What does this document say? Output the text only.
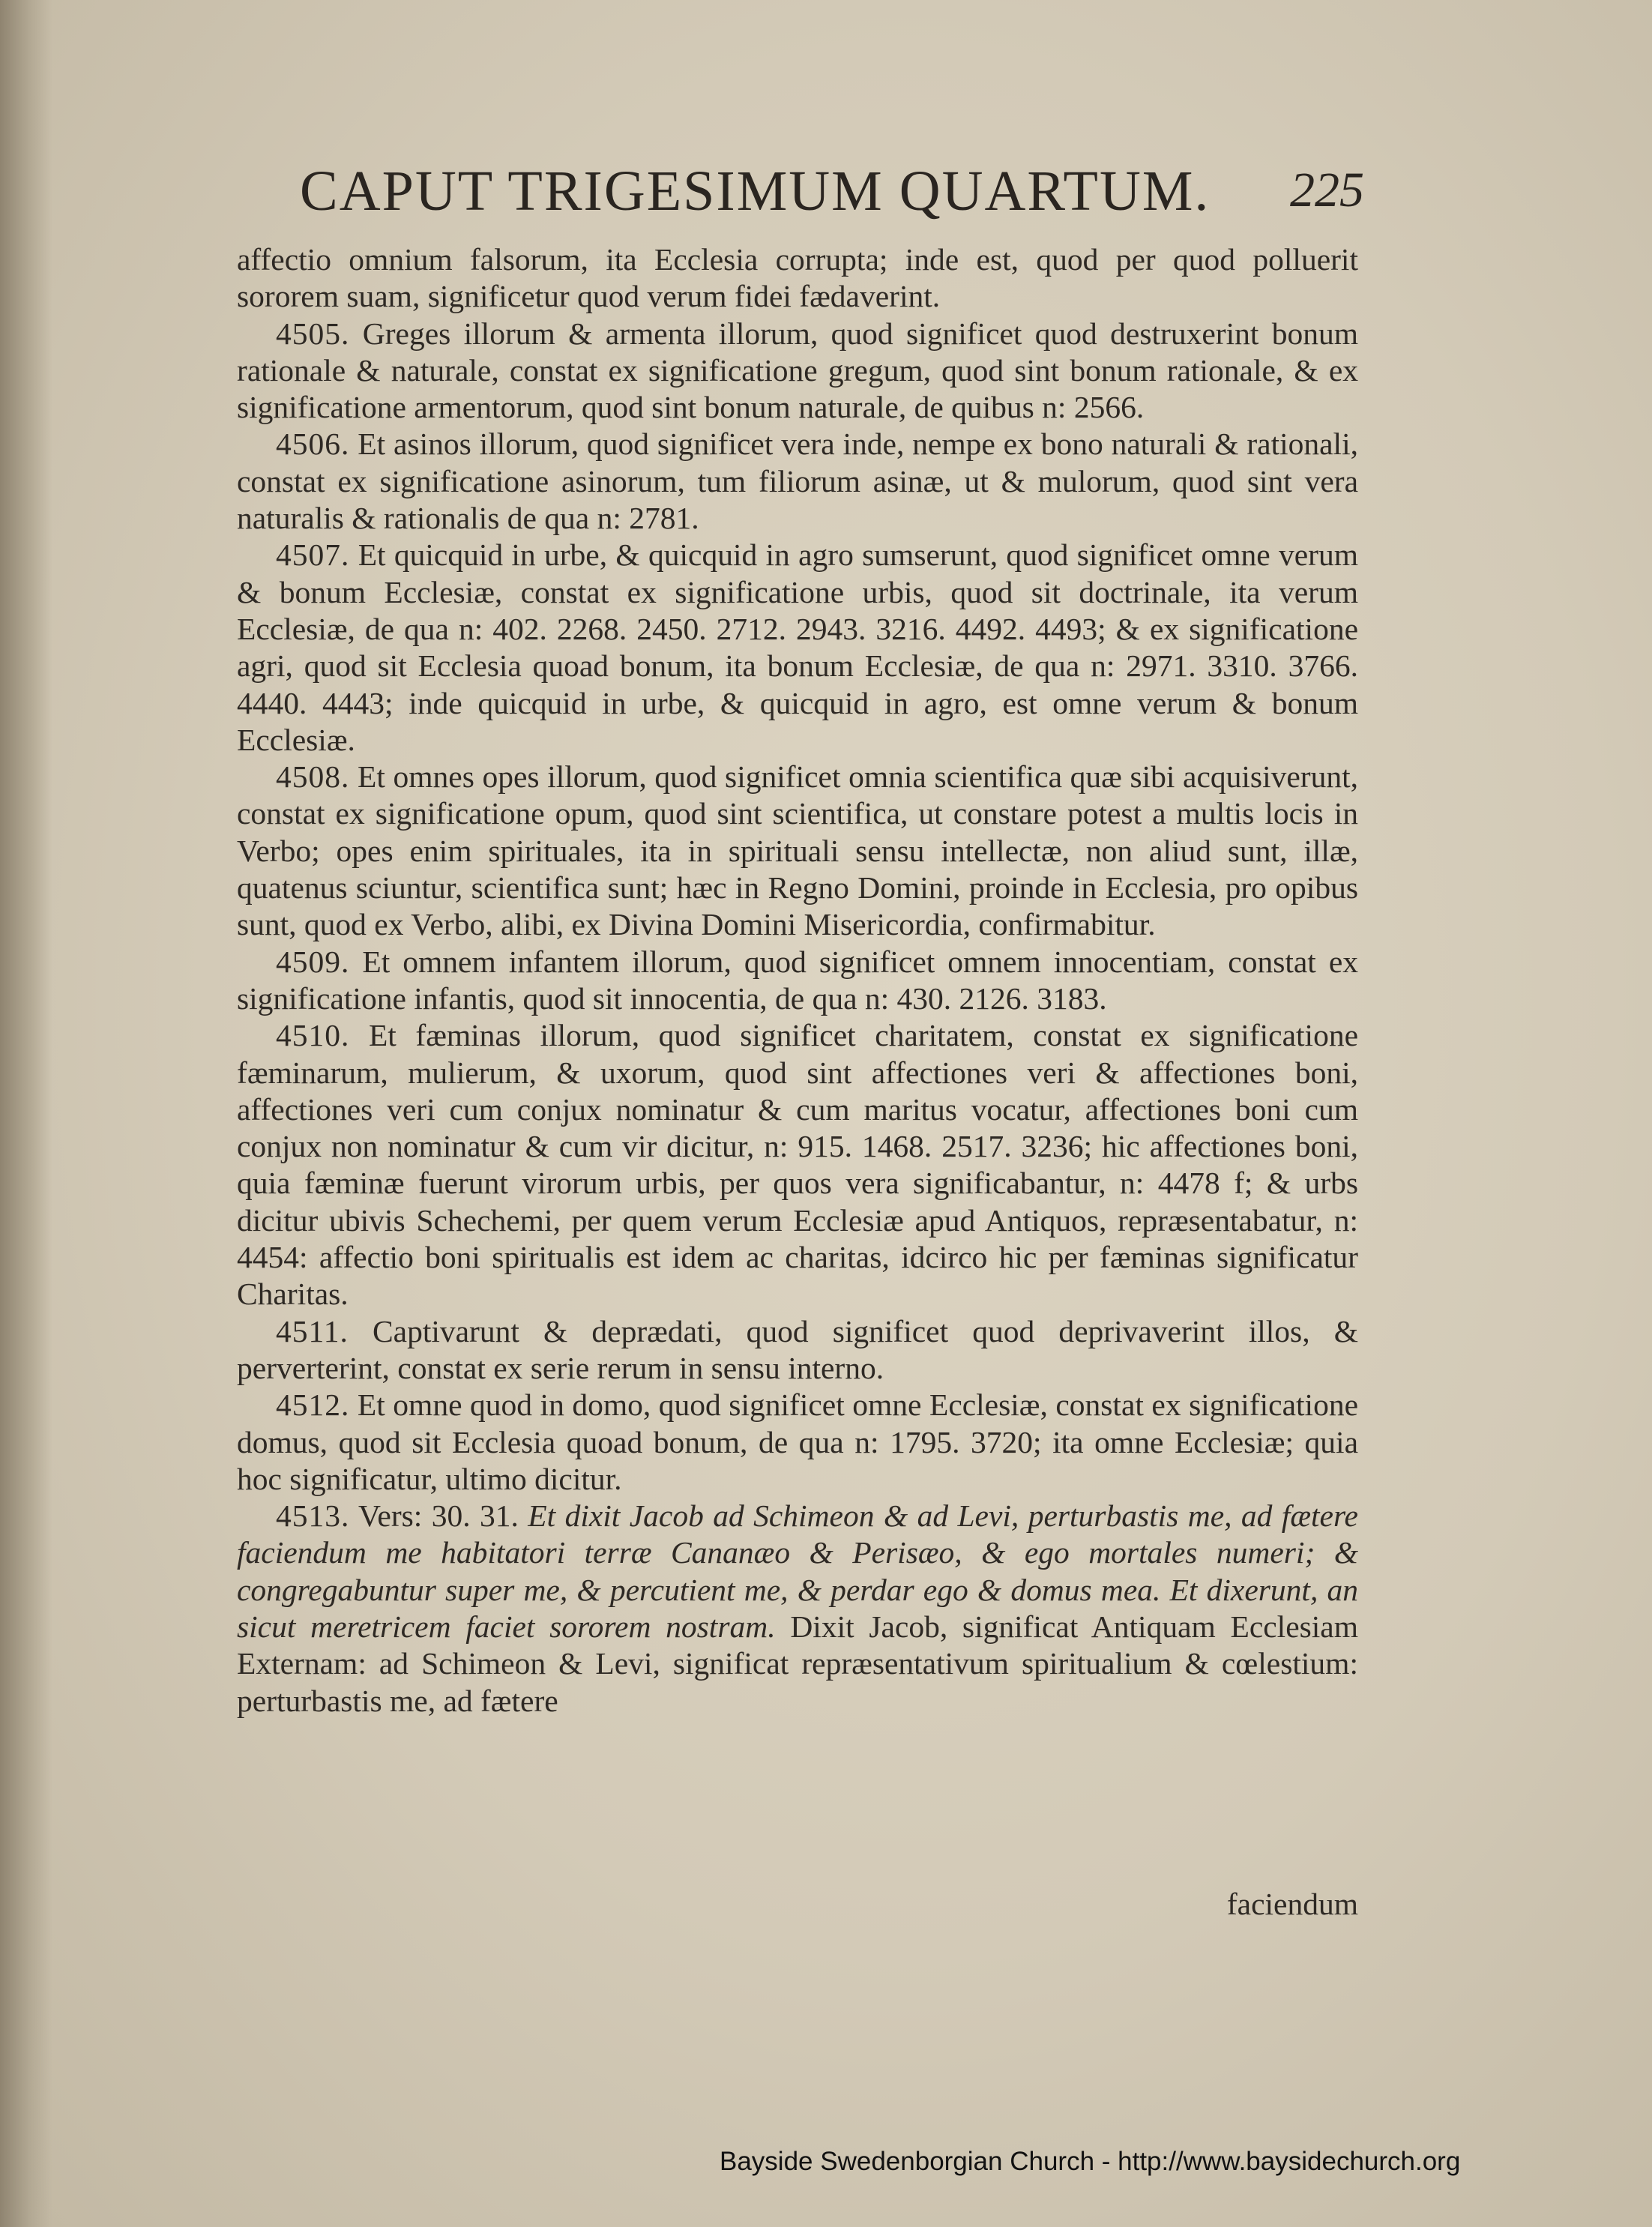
CAPUT TRIGESIMUM QUARTUM. 225

affectio omnium falsorum, ita Ecclesia corrupta; inde est, quod per quod polluerit sororem suam, significetur quod verum fidei fædaverint.

4505. Greges illorum & armenta illorum, quod significet quod destruxerint bonum rationale & naturale, constat ex significatione gregum, quod sint bonum rationale, & ex significatione armentorum, quod sint bonum naturale, de quibus n: 2566.

4506. Et asinos illorum, quod significet vera inde, nempe ex bono naturali & rationali, constat ex significatione asinorum, tum filiorum asinæ, ut & mulorum, quod sint vera naturalis & rationalis de qua n: 2781.

4507. Et quicquid in urbe, & quicquid in agro sumserunt, quod significet omne verum & bonum Ecclesiæ, constat ex significatione urbis, quod sit doctrinale, ita verum Ecclesiæ, de qua n: 402. 2268. 2450. 2712. 2943. 3216. 4492. 4493; & ex significatione agri, quod sit Ecclesia quoad bonum, ita bonum Ecclesiæ, de qua n: 2971. 3310. 3766. 4440. 4443; inde quicquid in urbe, & quicquid in agro, est omne verum & bonum Ecclesiæ.

4508. Et omnes opes illorum, quod significet omnia scientifica quæ sibi acquisiverunt, constat ex significatione opum, quod sint scientifica, ut constare potest a multis locis in Verbo; opes enim spirituales, ita in spirituali sensu intellectæ, non aliud sunt, illæ, quatenus sciuntur, scientifica sunt; hæc in Regno Domini, proinde in Ecclesia, pro opibus sunt, quod ex Verbo, alibi, ex Divina Domini Misericordia, confirmabitur.

4509. Et omnem infantem illorum, quod significet omnem innocentiam, constat ex significatione infantis, quod sit innocentia, de qua n: 430. 2126. 3183.

4510. Et fæminas illorum, quod significet charitatem, constat ex significatione fæminarum, mulierum, & uxorum, quod sint affectiones veri & affectiones boni, affectiones veri cum conjux nominatur & cum maritus vocatur, affectiones boni cum conjux non nominatur & cum vir dicitur, n: 915. 1468. 2517. 3236; hic affectiones boni, quia fæminæ fuerunt virorum urbis, per quos vera significabantur, n: 4478 f; & urbs dicitur ubivis Schechemi, per quem verum Ecclesiæ apud Antiquos, repræsentabatur, n: 4454: affectio boni spiritualis est idem ac charitas, idcirco hic per fæminas significatur Charitas.

4511. Captivarunt & deprædati, quod significet quod deprivaverint illos, & perverterint, constat ex serie rerum in sensu interno.

4512. Et omne quod in domo, quod significet omne Ecclesiæ, constat ex significatione domus, quod sit Ecclesia quoad bonum, de qua n: 1795. 3720; ita omne Ecclesiæ; quia hoc significatur, ultimo dicitur.

4513. Vers: 30. 31. Et dixit Jacob ad Schimeon & ad Levi, perturbastis me, ad fætere faciendum me habitatori terræ Cananæo & Perisæo, & ego mortales numeri; & congregabuntur super me, & percutient me, & perdar ego & domus mea. Et dixerunt, an sicut meretricem faciet sororem nostram. Dixit Jacob, significat Antiquam Ecclesiam Externam: ad Schimeon & Levi, significat repræsentativum spiritualium & cœlestium: perturbastis me, ad fætere

faciendum
Bayside Swedenborgian Church - http://www.baysidechurch.org
